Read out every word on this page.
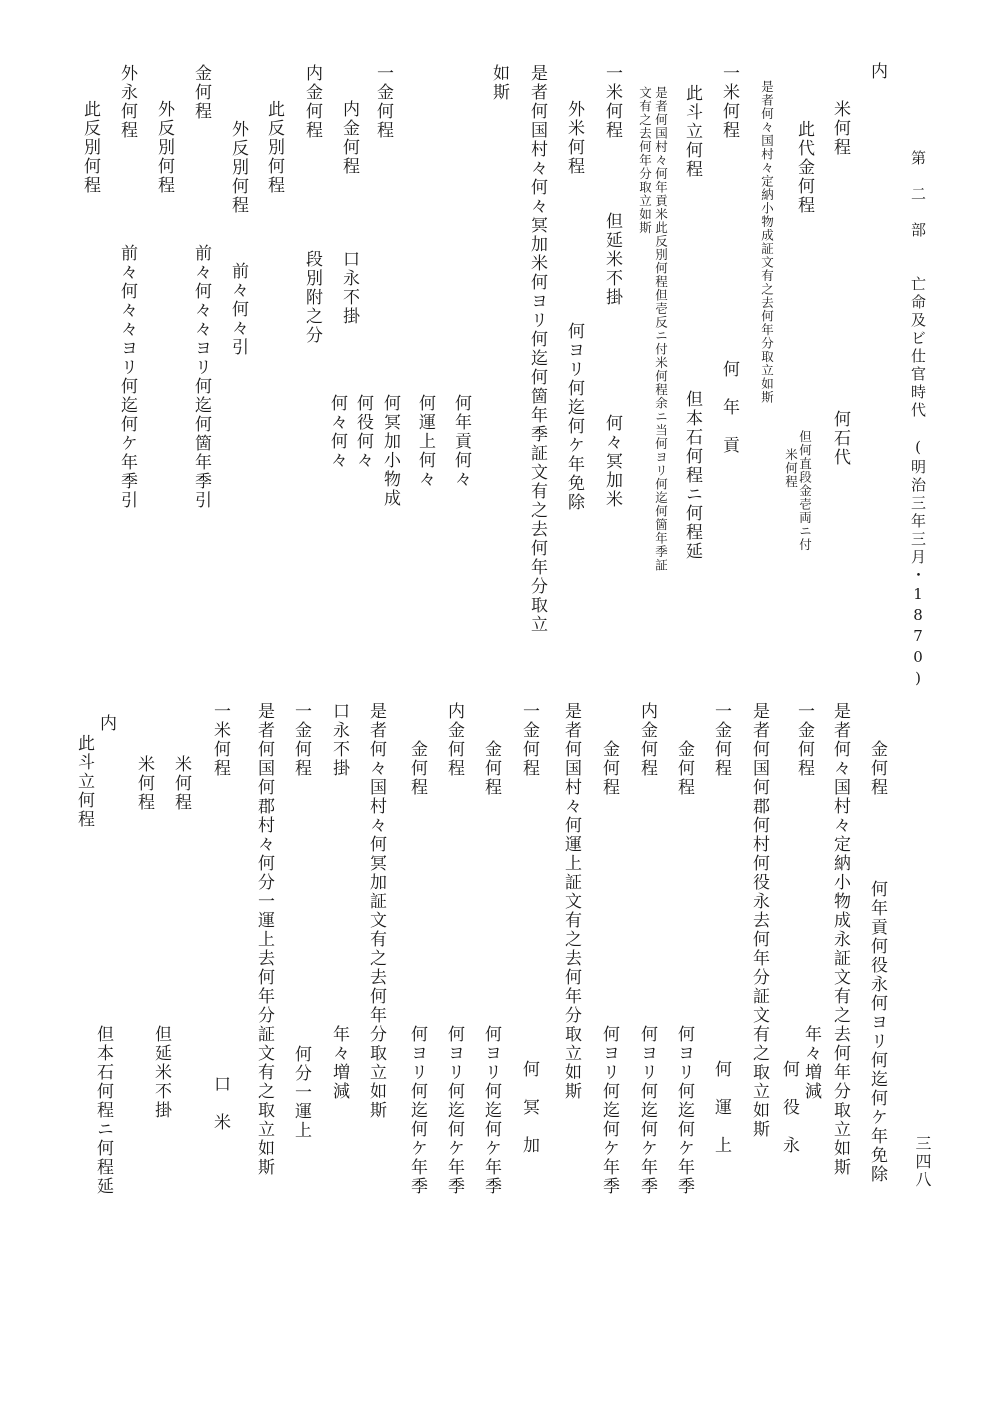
第　二　部　　亡命及ビ仕官時代　(明治三年三月・1870)
三四八
内
米何程
此代金何程
何石代
是者何々国村々定納小物成証文有之去何年分取立如斯
但何直段金壱両ニ付
米何程
一米何程
何　年　貢
此斗立何程
但本石何程ニ何程延
是者何国村々何年貢米此反別何程但壱反ニ付米何程余ニ当何ヨリ何迄何箇年季証
文有之去何年分取立如斯
一米何程
但延米不掛
何々冥加米
外米何程
何ヨリ何迄何ケ年免除
是者何国村々何々冥加米何ヨリ何迄何箇年季証文有之去何年分取立
如斯
何年貢何々
何運上何々
何冥加小物成
何役何々
何々何々
一金何程
内金何程
口永不掛
内金何程
段別附之分
此反別何程
外反別何程
前々何々引
金何程
前々何々々ヨリ何迄何箇年季引
外反別何程
外永何程
前々何々々ヨリ何迄何ケ年季引
此反別何程
金何程
何年貢何役永何ヨリ何迄何ケ年免除
是者何々国村々定納小物成永証文有之去何年分取立如斯
一金何程
年々増減
何　役　永
是者何国何郡何村何役永去何年分証文有之取立如斯
一金何程
何　運　上
金何程
何ヨリ何迄何ケ年季
内金何程
何ヨリ何迄何ケ年季
金何程
何ヨリ何迄何ケ年季
是者何国村々何運上証文有之去何年分取立如斯
一金何程
何　冥　加
金何程
何ヨリ何迄何ケ年季
内金何程
何ヨリ何迄何ケ年季
金何程
何ヨリ何迄何ケ年季
是者何々国村々何冥加証文有之去何年分取立如斯
口永不掛
年々増減
一金何程
何分一運上
是者何国何郡村々何分一運上去何年分証文有之取立如斯
一米何程
口　米
米何程
但延米不掛
米何程
内
此斗立何程
但本石何程ニ何程延
